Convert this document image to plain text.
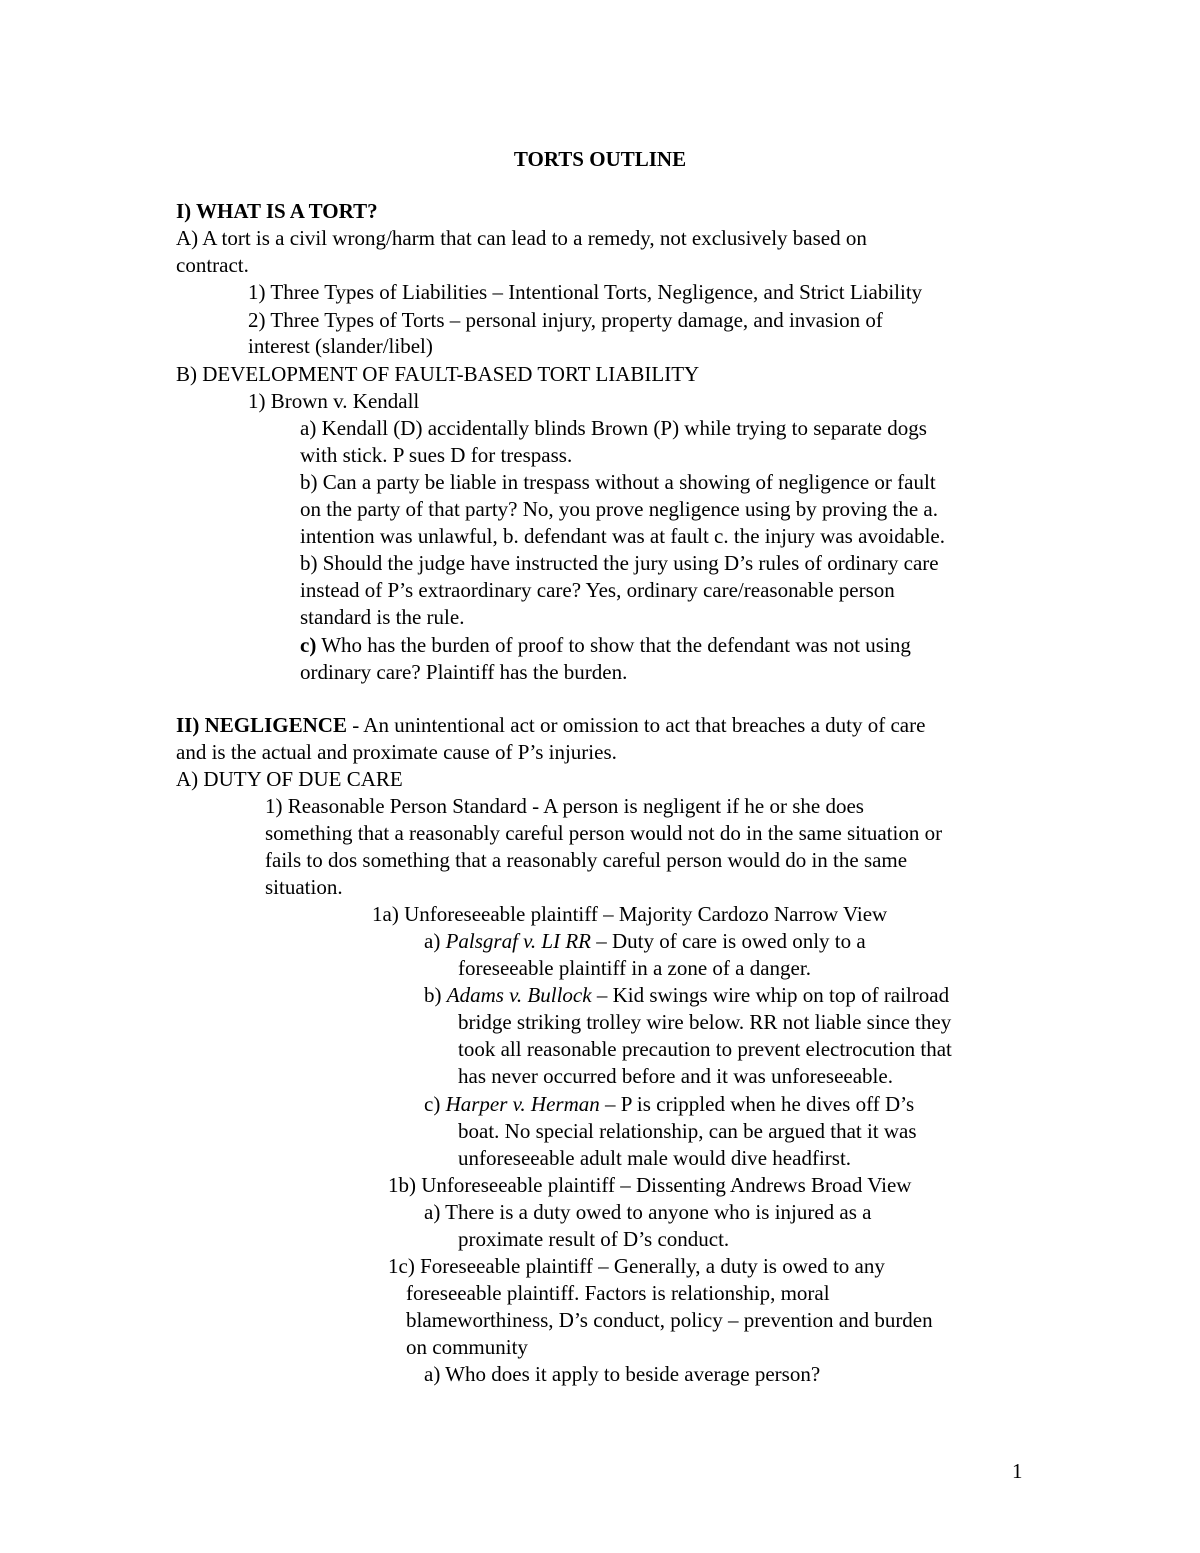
TORTS OUTLINE
I) WHAT IS A TORT?
A) A tort is a civil wrong/harm that can lead to a remedy, not exclusively based on
contract.
1) Three Types of Liabilities – Intentional Torts, Negligence, and Strict Liability
2) Three Types of Torts – personal injury, property damage, and invasion of
interest (slander/libel)
B) DEVELOPMENT OF FAULT-BASED TORT LIABILITY
1) Brown v. Kendall
a) Kendall (D) accidentally blinds Brown (P) while trying to separate dogs
with stick. P sues D for trespass.
b) Can a party be liable in trespass without a showing of negligence or fault
on the party of that party? No, you prove negligence using by proving the a.
intention was unlawful, b. defendant was at fault c. the injury was avoidable.
b) Should the judge have instructed the jury using D’s rules of ordinary care
instead of P’s extraordinary care? Yes, ordinary care/reasonable person
standard is the rule.
c) Who has the burden of proof to show that the defendant was not using
ordinary care? Plaintiff has the burden.
II) NEGLIGENCE - An unintentional act or omission to act that breaches a duty of care
and is the actual and proximate cause of P’s injuries.
A) DUTY OF DUE CARE
1) Reasonable Person Standard - A person is negligent if he or she does
something that a reasonably careful person would not do in the same situation or
fails to dos something that a reasonably careful person would do in the same
situation.
1a) Unforeseeable plaintiff – Majority Cardozo Narrow View
a) Palsgraf v. LI RR – Duty of care is owed only to a
foreseeable plaintiff in a zone of a danger.
b) Adams v. Bullock – Kid swings wire whip on top of railroad
bridge striking trolley wire below. RR not liable since they
took all reasonable precaution to prevent electrocution that
has never occurred before and it was unforeseeable.
c) Harper v. Herman – P is crippled when he dives off D’s
boat. No special relationship, can be argued that it was
unforeseeable adult male would dive headfirst.
1b) Unforeseeable plaintiff – Dissenting Andrews Broad View
a) There is a duty owed to anyone who is injured as a
proximate result of D’s conduct.
1c) Foreseeable plaintiff – Generally, a duty is owed to any
foreseeable plaintiff. Factors is relationship, moral
blameworthiness, D’s conduct, policy – prevention and burden
on community
a) Who does it apply to beside average person?
1
